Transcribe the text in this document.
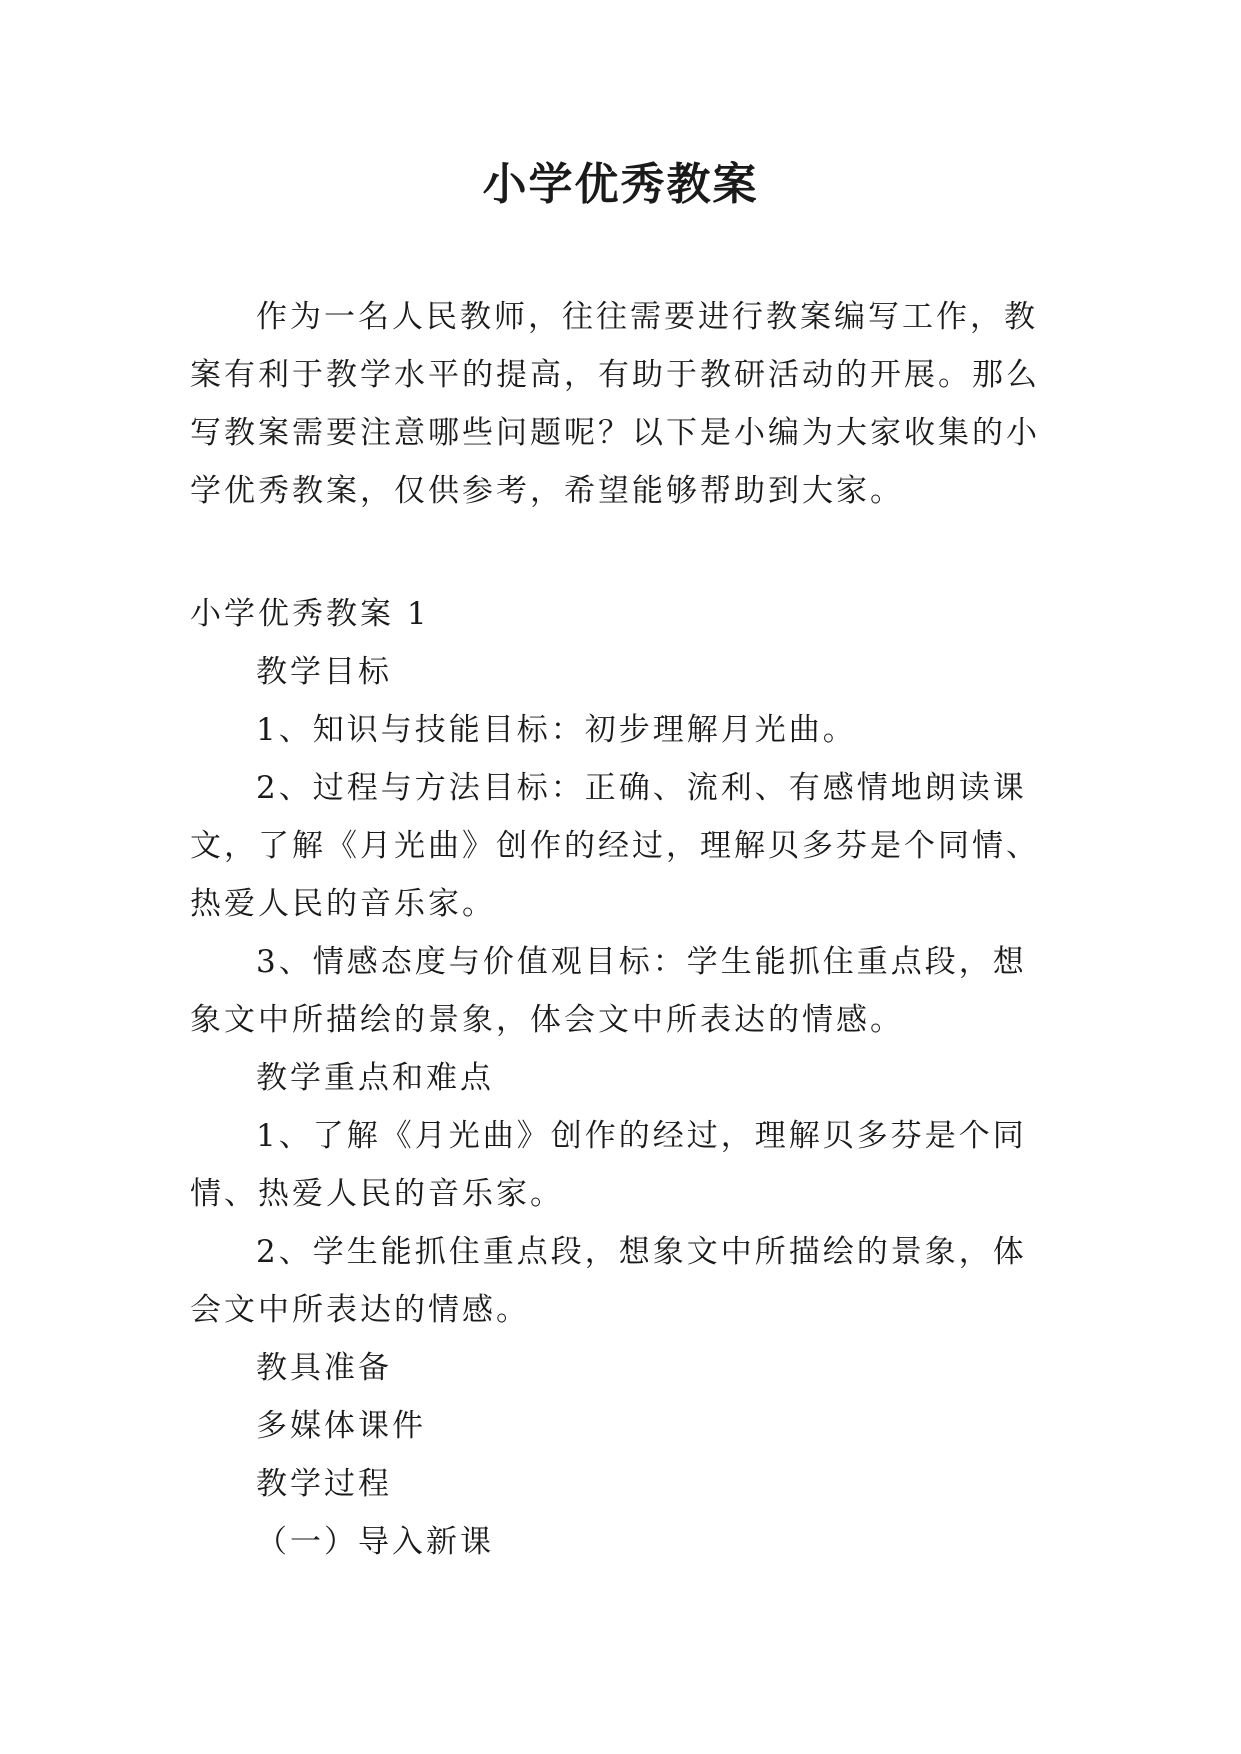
小学优秀教案

作为一名人民教师，往往需要进行教案编写工作，教案有利于教学水平的提高，有助于教研活动的开展。那么写教案需要注意哪些问题呢？以下是小编为大家收集的小学优秀教案，仅供参考，希望能够帮助到大家。

小学优秀教案 1

教学目标

1、知识与技能目标：初步理解月光曲。

2、过程与方法目标：正确、流利、有感情地朗读课文，了解《月光曲》创作的经过，理解贝多芬是个同情、热爱人民的音乐家。

3、情感态度与价值观目标：学生能抓住重点段，想象文中所描绘的景象，体会文中所表达的情感。

教学重点和难点

1、了解《月光曲》创作的经过，理解贝多芬是个同情、热爱人民的音乐家。

2、学生能抓住重点段，想象文中所描绘的景象，体会文中所表达的情感。

教具准备

多媒体课件

教学过程

（一）导入新课
